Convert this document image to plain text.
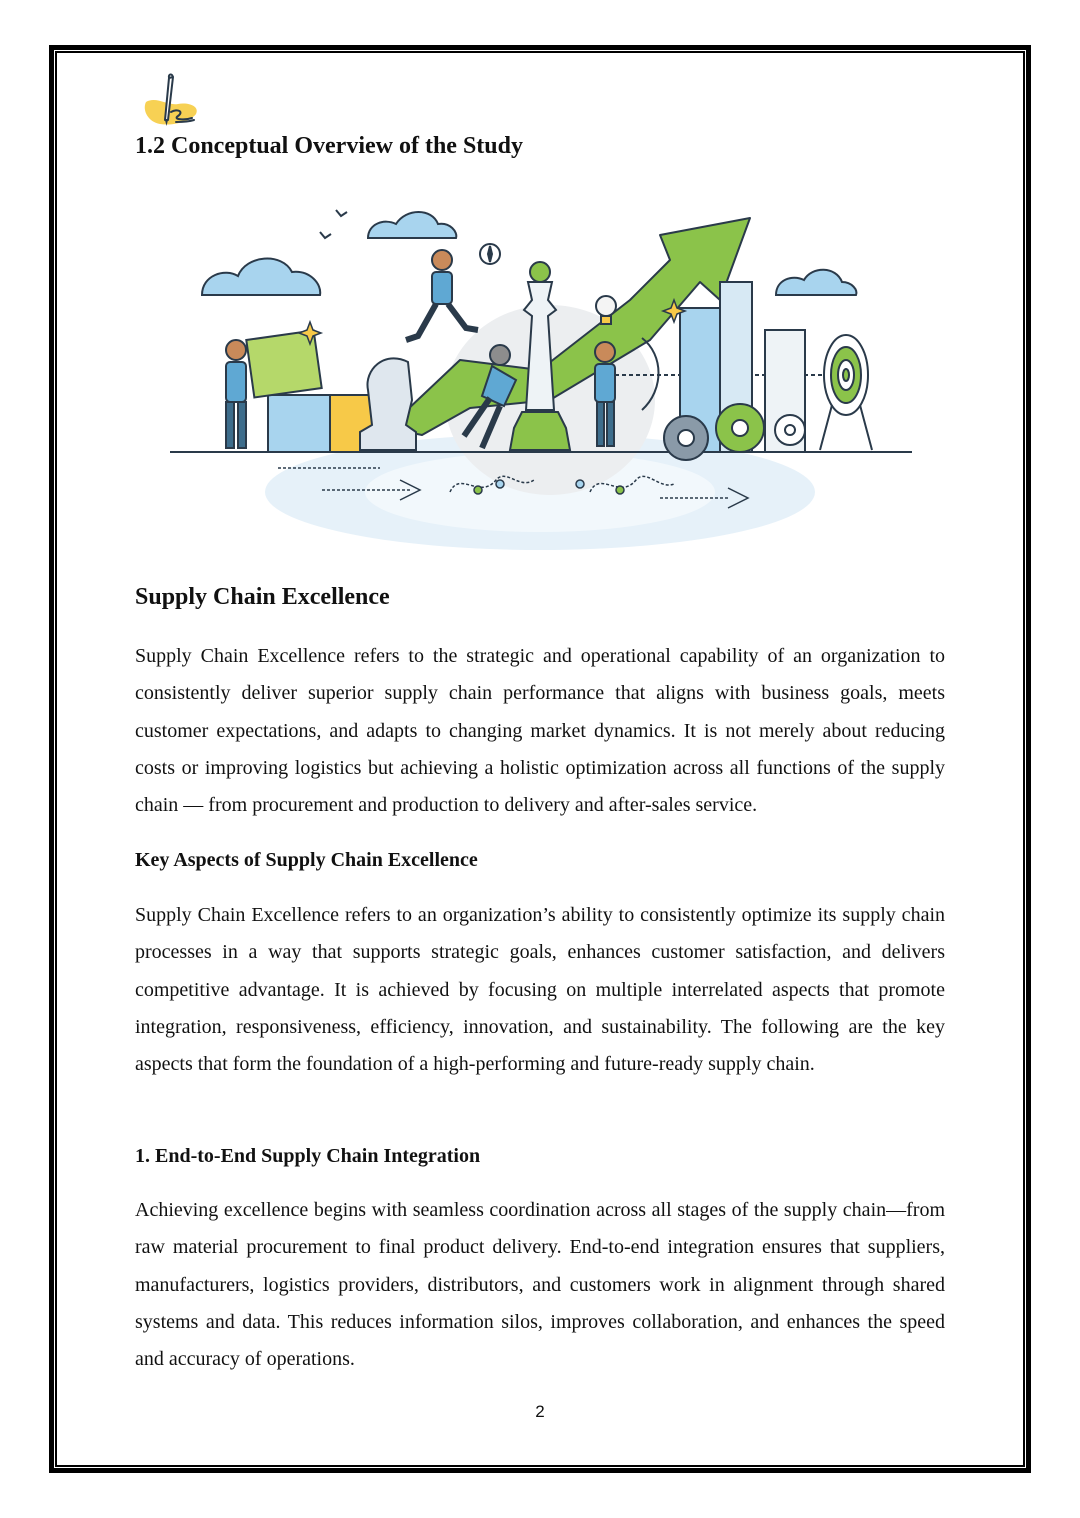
1.2 Conceptual Overview of the Study
Supply Chain Excellence

Supply Chain Excellence refers to the strategic and operational capability of an organization to consistently deliver superior supply chain performance that aligns with business goals, meets customer expectations, and adapts to changing market dynamics. It is not merely about reducing costs or improving logistics but achieving a holistic optimization across all functions of the supply chain — from procurement and production to delivery and after-sales service.

Key Aspects of Supply Chain Excellence

Supply Chain Excellence refers to an organization’s ability to consistently optimize its supply chain processes in a way that supports strategic goals, enhances customer satisfaction, and delivers competitive advantage. It is achieved by focusing on multiple interrelated aspects that promote integration, responsiveness, efficiency, innovation, and sustainability. The following are the key aspects that form the foundation of a high-performing and future-ready supply chain.

1. End-to-End Supply Chain Integration

Achieving excellence begins with seamless coordination across all stages of the supply chain—from raw material procurement to final product delivery. End-to-end integration ensures that suppliers, manufacturers, logistics providers, distributors, and customers work in alignment through shared systems and data. This reduces information silos, improves collaboration, and enhances the speed and accuracy of operations.

2
